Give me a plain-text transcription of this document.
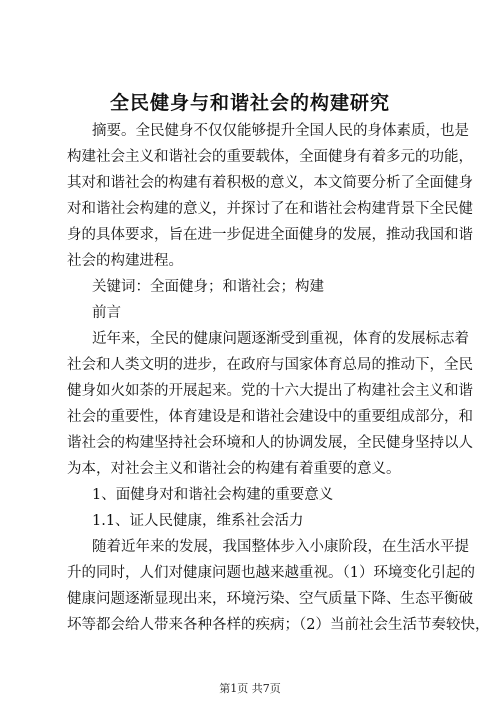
全民健身与和谐社会的构建研究
摘要。全民健身不仅仅能够提升全国人民的身体素质，也是
构建社会主义和谐社会的重要载体，全面健身有着多元的功能，
其对和谐社会的构建有着积极的意义，本文简要分析了全面健身
对和谐社会构建的意义，并探讨了在和谐社会构建背景下全民健
身的具体要求，旨在进一步促进全面健身的发展，推动我国和谐
社会的构建进程。
关键词：全面健身；和谐社会；构建
前言
近年来，全民的健康问题逐渐受到重视，体育的发展标志着
社会和人类文明的进步，在政府与国家体育总局的推动下，全民
健身如火如荼的开展起来。党的十六大提出了构建社会主义和谐
社会的重要性，体育建设是和谐社会建设中的重要组成部分，和
谐社会的构建坚持社会环境和人的协调发展，全民健身坚持以人
为本，对社会主义和谐社会的构建有着重要的意义。
1、面健身对和谐社会构建的重要意义
1.1、证人民健康，维系社会活力
随着近年来的发展，我国整体步入小康阶段，在生活水平提
升的同时，人们对健康问题也越来越重视。（1）环境变化引起的
健康问题逐渐显现出来，环境污染、空气质量下降、生态平衡破
坏等都会给人带来各种各样的疾病；（2）当前社会生活节奏较快，
第1页 共7页
